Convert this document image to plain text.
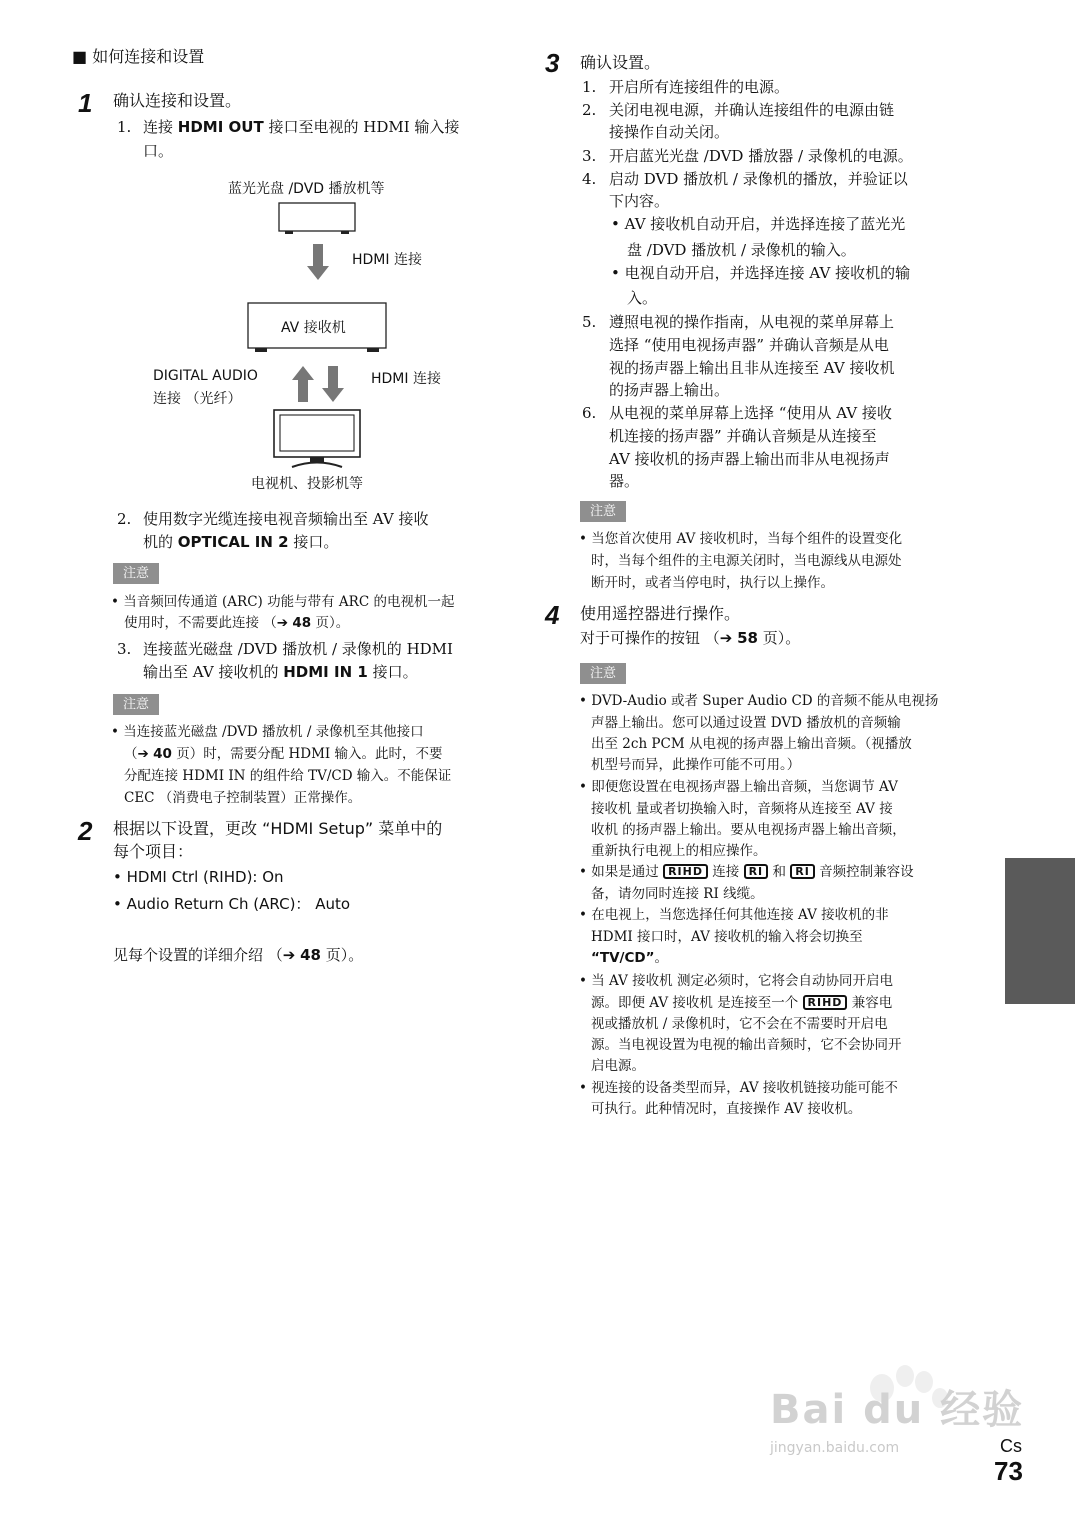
■ 如何连接和设置
1 确认连接和设置。
1. 连接 HDMI OUT 接口至电视的 HDMI 输入接
口。
蓝光光盘 /DVD 播放机等
HDMI 连接
AV 接收机
DIGITAL AUDIO
连接 （光纤）
HDMI 连接
电视机、投影机等
2. 使用数字光缆连接电视音频输出至 AV 接收
机的 OPTICAL IN 2 接口。
注意
• 当音频回传通道 (ARC) 功能与带有 ARC 的电视机一起
使用时，不需要此连接 （➔ 48 页）。
3. 连接蓝光磁盘 /DVD 播放机 / 录像机的 HDMI
输出至 AV 接收机的 HDMI IN 1 接口。
注意
• 当连接蓝光磁盘 /DVD 播放机 / 录像机至其他接口
（➔ 40 页）时，需要分配 HDMI 输入。此时，不要
分配连接 HDMI IN 的组件给 TV/CD 输入。不能保证
CEC （消费电子控制装置）正常操作。
2 根据以下设置，更改 “HDMI Setup” 菜单中的
每个项目：
• HDMI Ctrl (RIHD): On
• Audio Return Ch (ARC)： Auto
见每个设置的详细介绍 （➔ 48 页）。
3 确认设置。
1. 开启所有连接组件的电源。
2. 关闭电视电源，并确认连接组件的电源由链
接操作自动关闭。
3. 开启蓝光光盘 /DVD 播放器 / 录像机的电源。
4. 启动 DVD 播放机 / 录像机的播放，并验证以
下内容。
• AV 接收机自动开启，并选择连接了蓝光光
盘 /DVD 播放机 / 录像机的输入。
• 电视自动开启，并选择连接 AV 接收机的输
入。
5. 遵照电视的操作指南，从电视的菜单屏幕上
选择 “使用电视扬声器” 并确认音频是从电
视的扬声器上输出且非从连接至 AV 接收机
的扬声器上输出。
6. 从电视的菜单屏幕上选择 “使用从 AV 接收
机连接的扬声器” 并确认音频是从连接至
AV 接收机的扬声器上输出而非从电视扬声
器。
注意
• 当您首次使用 AV 接收机时，当每个组件的设置变化
时，当每个组件的主电源关闭时，当电源线从电源处
断开时，或者当停电时，执行以上操作。
4 使用遥控器进行操作。
对于可操作的按钮 （➔ 58 页）。
注意
• DVD-Audio 或者 Super Audio CD 的音频不能从电视扬
声器上输出。您可以通过设置 DVD 播放机的音频输
出至 2ch PCM 从电视的扬声器上输出音频。（视播放
机型号而异，此操作可能不可用。）
• 即便您设置在电视扬声器上输出音频，当您调节 AV
接收机 量或者切换输入时，音频将从连接至 AV 接
收机 的扬声器上输出。要从电视扬声器上输出音频，
重新执行电视上的相应操作。
• 如果是通过 RIHD 连接 RI 和 RI 音频控制兼容设
备，请勿同时连接 RI 线缆。
• 在电视上，当您选择任何其他连接 AV 接收机的非
HDMI 接口时，AV 接收机的输入将会切换至
“TV/CD”。
• 当 AV 接收机 测定必须时，它将会自动协同开启电
源。即便 AV 接收机 是连接至一个 RIHD 兼容电
视或播放机 / 录像机时，它不会在不需要时开启电
源。当电视设置为电视的输出音频时，它不会协同开
启电源。
• 视连接的设备类型而异，AV 接收机链接功能可能不
可执行。此种情况时，直接操作 AV 接收机。
Bai du 经验
jingyan.baidu.com	Cs
73
